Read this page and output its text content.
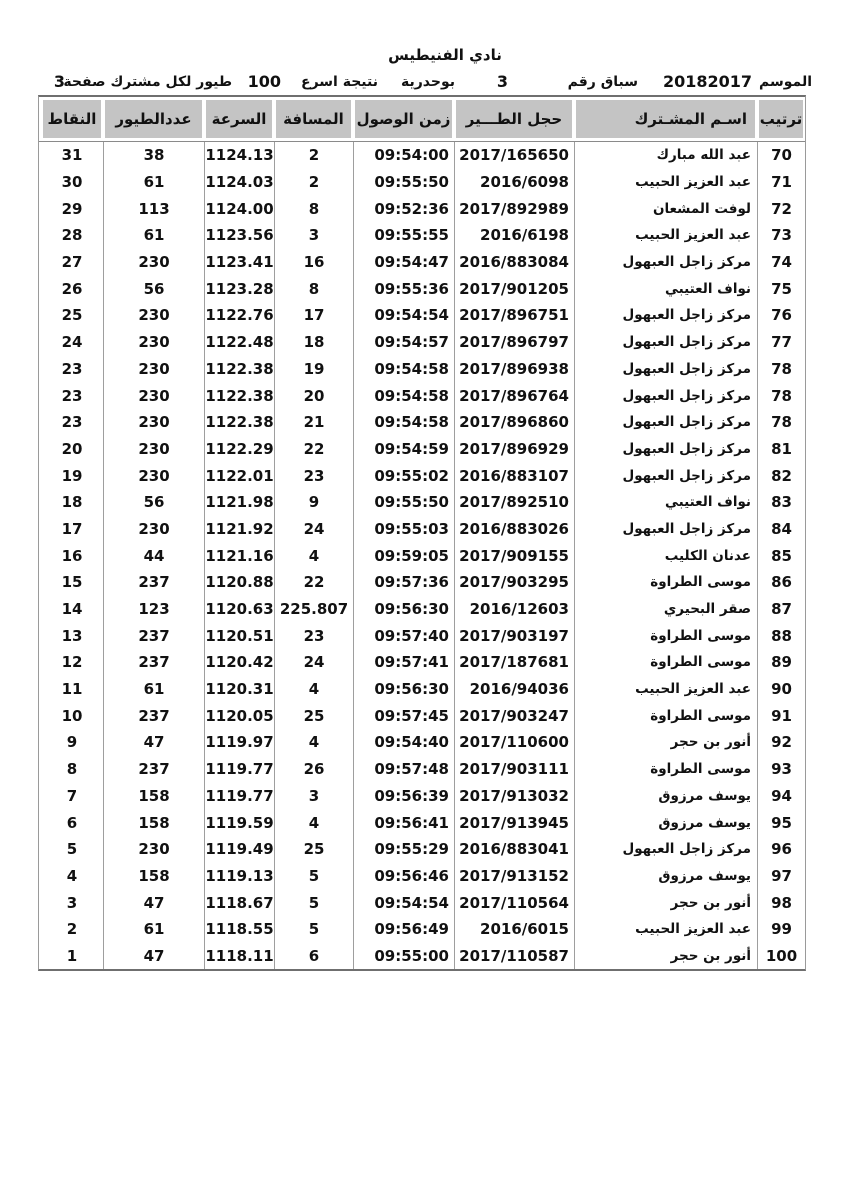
نادي الفنيطيس
الموسم
20182017
سباق رقم
3
بوحدرية
نتيجة اسرع
100
طيور لكل مشترك صفحة
3
ترتيب
اسـم المشـترك
حجل الطـــير
زمن الوصول
المسافة
السرعة
عددالطيور
النقاط
70
عبد الله مبارك
2017/165650
09:54:00
2
1124.13
38
31
71
عبد العزيز الحبيب
2016/6098
09:55:50
2
1124.03
61
30
72
لوفت المشعان
2017/892989
09:52:36
8
1124.00
113
29
73
عبد العزيز الحبيب
2016/6198
09:55:55
3
1123.56
61
28
74
مركز زاجل العبهول
2016/883084
09:54:47
16
1123.41
230
27
75
نواف العتيبي
2017/901205
09:55:36
8
1123.28
56
26
76
مركز زاجل العبهول
2017/896751
09:54:54
17
1122.76
230
25
77
مركز زاجل العبهول
2017/896797
09:54:57
18
1122.48
230
24
78
مركز زاجل العبهول
2017/896938
09:54:58
19
1122.38
230
23
78
مركز زاجل العبهول
2017/896764
09:54:58
20
1122.38
230
23
78
مركز زاجل العبهول
2017/896860
09:54:58
21
1122.38
230
23
81
مركز زاجل العبهول
2017/896929
09:54:59
22
1122.29
230
20
82
مركز زاجل العبهول
2016/883107
09:55:02
23
1122.01
230
19
83
نواف العتيبي
2017/892510
09:55:50
9
1121.98
56
18
84
مركز زاجل العبهول
2016/883026
09:55:03
24
1121.92
230
17
85
عدنان الكليب
2017/909155
09:59:05
4
1121.16
44
16
86
موسى الطراوة
2017/903295
09:57:36
22
1120.88
237
15
87
صقر البحيري
2016/12603
09:56:30
225.807
1120.63
123
14
88
موسى الطراوة
2017/903197
09:57:40
23
1120.51
237
13
89
موسى الطراوة
2017/187681
09:57:41
24
1120.42
237
12
90
عبد العزيز الحبيب
2016/94036
09:56:30
4
1120.31
61
11
91
موسى الطراوة
2017/903247
09:57:45
25
1120.05
237
10
92
أنور بن حجر
2017/110600
09:54:40
4
1119.97
47
9
93
موسى الطراوة
2017/903111
09:57:48
26
1119.77
237
8
94
يوسف مرزوق
2017/913032
09:56:39
3
1119.77
158
7
95
يوسف مرزوق
2017/913945
09:56:41
4
1119.59
158
6
96
مركز زاجل العبهول
2016/883041
09:55:29
25
1119.49
230
5
97
يوسف مرزوق
2017/913152
09:56:46
5
1119.13
158
4
98
أنور بن حجر
2017/110564
09:54:54
5
1118.67
47
3
99
عبد العزيز الحبيب
2016/6015
09:56:49
5
1118.55
61
2
100
أنور بن حجر
2017/110587
09:55:00
6
1118.11
47
1
